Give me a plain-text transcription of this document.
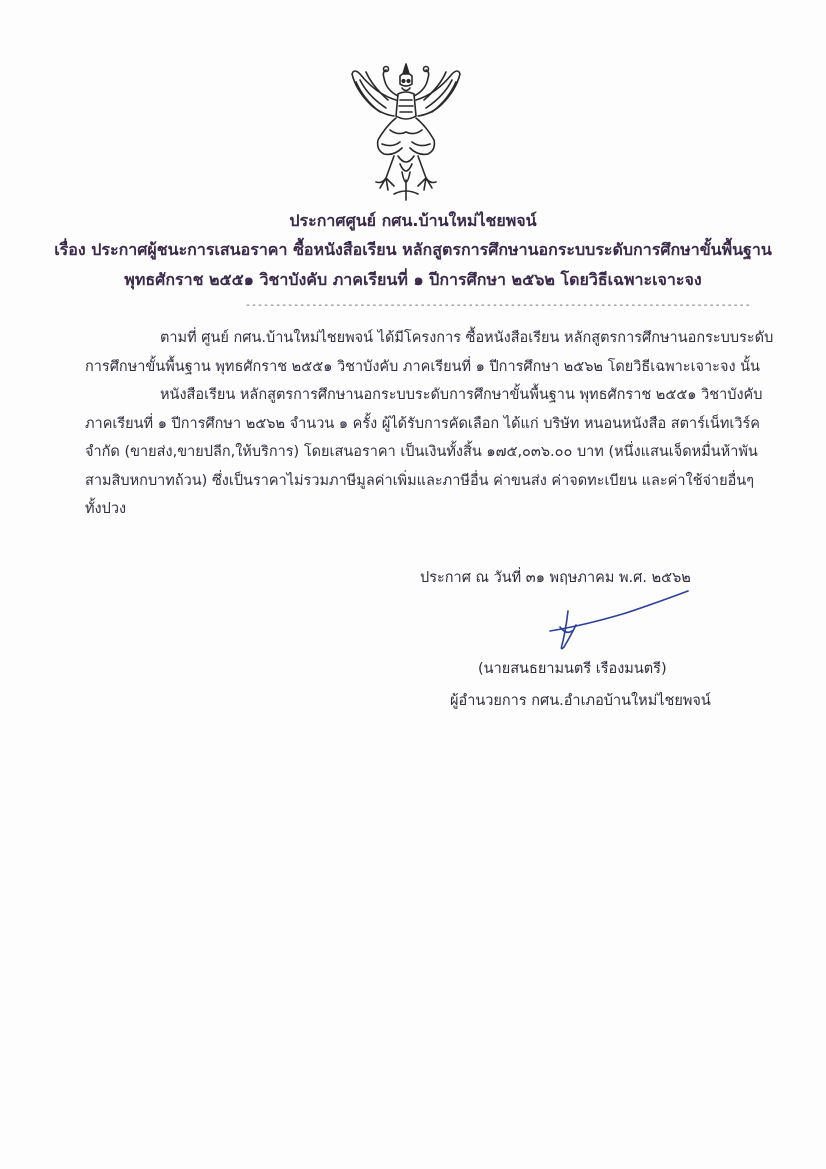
ประกาศศูนย์ กศน.บ้านใหม่ไชยพจน์
เรื่อง ประกาศผู้ชนะการเสนอราคา ซื้อหนังสือเรียน หลักสูตรการศึกษานอกระบบระดับการศึกษาขั้นพื้นฐาน
พุทธศักราช ๒๕๕๑ วิชาบังคับ ภาคเรียนที่ ๑ ปีการศึกษา ๒๕๖๒ โดยวิธีเฉพาะเจาะจง
------------------------------------------------------------------------------------
ตามที่ ศูนย์ กศน.บ้านใหม่ไชยพจน์ ได้มีโครงการ ซื้อหนังสือเรียน หลักสูตรการศึกษานอกระบบระดับ
การศึกษาขั้นพื้นฐาน พุทธศักราช ๒๕๕๑ วิชาบังคับ ภาคเรียนที่ ๑ ปีการศึกษา ๒๕๖๒ โดยวิธีเฉพาะเจาะจง นั้น
หนังสือเรียน หลักสูตรการศึกษานอกระบบระดับการศึกษาขั้นพื้นฐาน พุทธศักราช ๒๕๕๑ วิชาบังคับ
ภาคเรียนที่ ๑ ปีการศึกษา ๒๕๖๒ จำนวน ๑ ครั้ง ผู้ได้รับการคัดเลือก ได้แก่ บริษัท หนอนหนังสือ สตาร์เน็ทเวิร์ค
จำกัด (ขายส่ง,ขายปลีก,ให้บริการ) โดยเสนอราคา เป็นเงินทั้งสิ้น ๑๗๕,๐๓๖.๐๐ บาท (หนึ่งแสนเจ็ดหมื่นห้าพัน
สามสิบหกบาทถ้วน) ซึ่งเป็นราคาไม่รวมภาษีมูลค่าเพิ่มและภาษีอื่น ค่าขนส่ง ค่าจดทะเบียน และค่าใช้จ่ายอื่นๆ
ทั้งปวง
ประกาศ ณ วันที่ ๓๑ พฤษภาคม พ.ศ. ๒๕๖๒
(นายสนธยามนตรี เรืองมนตรี)
ผู้อำนวยการ กศน.อำเภอบ้านใหม่ไชยพจน์
